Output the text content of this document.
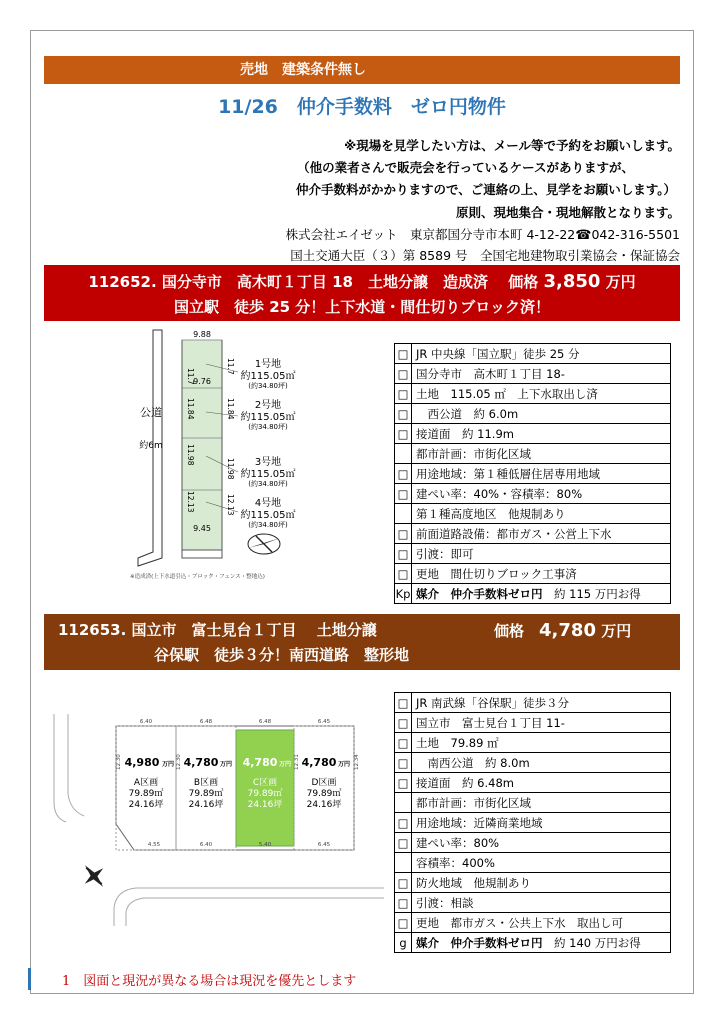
売地　建築条件無し
11/26　仲介手数料　ゼロ円物件
※現場を見学したい方は、メール等で予約をお願いします。
（他の業者さんで販売会を行っているケースがありますが、
仲介手数料がかかりますので、ご連絡の上、見学をお願いします。）
原則、現地集合・現地解散となります。
株式会社エイゼット　東京都国分寺市本町 4-12-22☎042-316-5501
国土交通大臣（３）第 8589 号　全国宅地建物取引業協会・保証協会
112652. 国分寺市　高木町１丁目 18　土地分譲　造成済　 価格 3,850 万円
国立駅　徒歩 25 分！上下水道・間仕切りブロック済！
公道
約6m
9.88
9.76
9.45
11.7
11.7
11.84	11.84
11.98
11.98
12.13	12.13
1号地
約115.05㎡
(約34.80坪)
2号地
約115.05㎡
(約34.80坪)
3号地
約115.05㎡
(約34.80坪)
4号地
約115.05㎡
(約34.80坪)
※造成済(上下水道引込・ブロック・フェンス・整地込)
□	JR 中央線「国立駅」徒歩 25 分
□	国分寺市　高木町１丁目 18-
□	土地　115.05 ㎡　上下水取出し済
□	　西公道　約 6.0m
□	接道面　約 11.9m
	都市計画：市街化区域
□	用途地域：第１種低層住居専用地域
□	建ぺい率：40%・容積率：80%
	第１種高度地区　他規制あり
□	前面道路設備：都市ガス・公営上下水
□	引渡：即可
□	更地　間仕切りブロック工事済
Kp	媒介　仲介手数料ゼロ円　 約 115 万円お得
112653. 国立市　富士見台１丁目　 土地分譲	価格　 4,780 万円
谷保駅　徒歩３分！南西道路　整形地
6.40	6.48	6.48	6.45
4.55	6.40	5.40	6.45
12.30	12.30	12.31	12.34
4,980 万円
A区画
79.89㎡
24.16坪
4,780 万円
B区画
79.89㎡
24.16坪
4,780 万円
C区画
79.89㎡
24.16坪
4,780 万円
D区画
79.89㎡
24.16坪
□	JR 南武線「谷保駅」徒歩３分
□	国立市　富士見台１丁目 11-
□	土地　79.89 ㎡
□	　南西公道　約 8.0m
□	接道面　約 6.48m
	都市計画：市街化区域
□	用途地域：近隣商業地域
□	建ぺい率：80%
	容積率：400%
□	防火地域　他規制あり
□	引渡：相談
□	更地　都市ガス・公共上下水　取出し可
g	媒介　仲介手数料ゼロ円　 約 140 万円お得
1　図面と現況が異なる場合は現況を優先とします
